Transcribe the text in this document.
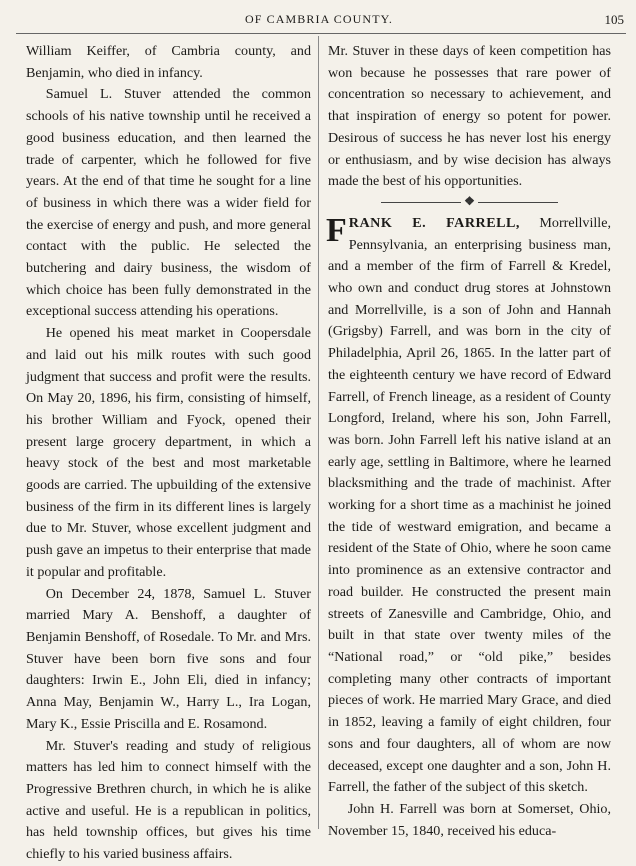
OF CAMBRIA COUNTY.	105

William Keiffer, of Cambria county, and Benjamin, who died in infancy.

Samuel L. Stuver attended the common schools of his native township until he received a good business education, and then learned the trade of carpenter, which he followed for five years. At the end of that time he sought for a line of business in which there was a wider field for the exercise of energy and push, and more general contact with the public. He selected the butchering and dairy business, the wisdom of which choice has been fully demonstrated in the exceptional success attending his operations.

He opened his meat market in Coopersdale and laid out his milk routes with such good judgment that success and profit were the results. On May 20, 1896, his firm, consisting of himself, his brother William and Fyock, opened their present large grocery department, in which a heavy stock of the best and most marketable goods are carried. The upbuilding of the extensive business of the firm in its different lines is largely due to Mr. Stuver, whose excellent judgment and push gave an impetus to their enterprise that made it popular and profitable.

On December 24, 1878, Samuel L. Stuver married Mary A. Benshoff, a daughter of Benjamin Benshoff, of Rosedale. To Mr. and Mrs. Stuver have been born five sons and four daughters: Irwin E., John Eli, died in infancy; Anna May, Benjamin W., Harry L., Ira Logan, Mary K., Essie Priscilla and E. Rosamond.

Mr. Stuver's reading and study of religious matters has led him to connect himself with the Progressive Brethren church, in which he is alike active and useful. He is a republican in politics, has held township offices, but gives his time chiefly to his varied business affairs.

Mr. Stuver in these days of keen competition has won because he possesses that rare power of concentration so necessary to achievement, and that inspiration of energy so potent for power. Desirous of success he has never lost his energy or enthusiasm, and by wise decision has always made the best of his opportunities.

❖

FRANK E. FARRELL, Morrellville, Pennsylvania, an enterprising business man, and a member of the firm of Farrell & Kredel, who own and conduct drug stores at Johnstown and Morrellville, is a son of John and Hannah (Grigsby) Farrell, and was born in the city of Philadelphia, April 26, 1865. In the latter part of the eighteenth century we have record of Edward Farrell, of French lineage, as a resident of County Longford, Ireland, where his son, John Farrell, was born. John Farrell left his native island at an early age, settling in Baltimore, where he learned blacksmithing and the trade of machinist. After working for a short time as a machinist he joined the tide of westward emigration, and became a resident of the State of Ohio, where he soon came into prominence as an extensive contractor and road builder. He constructed the present main streets of Zanesville and Cambridge, Ohio, and built in that state over twenty miles of the “National road,” or “old pike,” besides completing many other contracts of important pieces of work. He married Mary Grace, and died in 1852, leaving a family of eight children, four sons and four daughters, all of whom are now deceased, except one daughter and a son, John H. Farrell, the father of the subject of this sketch.

John H. Farrell was born at Somerset, Ohio, November 15, 1840, received his educa-
